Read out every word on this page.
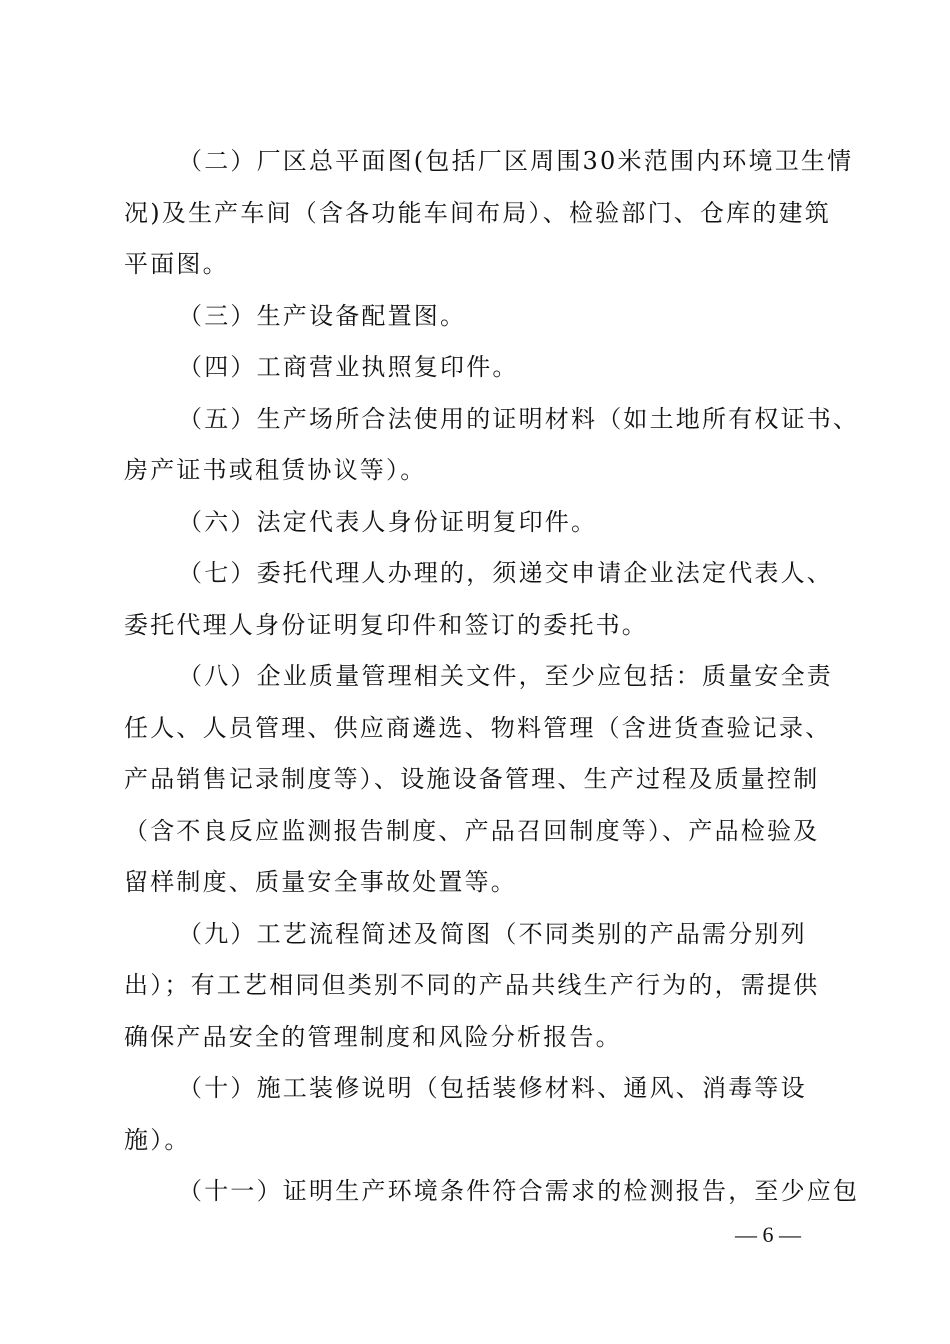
（二）厂区总平面图(包括厂区周围30米范围内环境卫生情
况)及生产车间（含各功能车间布局）、检验部门、仓库的建筑
平面图。
（三）生产设备配置图。
（四）工商营业执照复印件。
（五）生产场所合法使用的证明材料（如土地所有权证书、
房产证书或租赁协议等）。
（六）法定代表人身份证明复印件。
（七）委托代理人办理的，须递交申请企业法定代表人、
委托代理人身份证明复印件和签订的委托书。
（八）企业质量管理相关文件，至少应包括：质量安全责
任人、人员管理、供应商遴选、物料管理（含进货查验记录、
产品销售记录制度等）、设施设备管理、生产过程及质量控制
（含不良反应监测报告制度、产品召回制度等）、产品检验及
留样制度、质量安全事故处置等。
（九）工艺流程简述及简图（不同类别的产品需分别列
出）；有工艺相同但类别不同的产品共线生产行为的，需提供
确保产品安全的管理制度和风险分析报告。
（十）施工装修说明（包括装修材料、通风、消毒等设
施）。
（十一）证明生产环境条件符合需求的检测报告，至少应包
— 6 —
